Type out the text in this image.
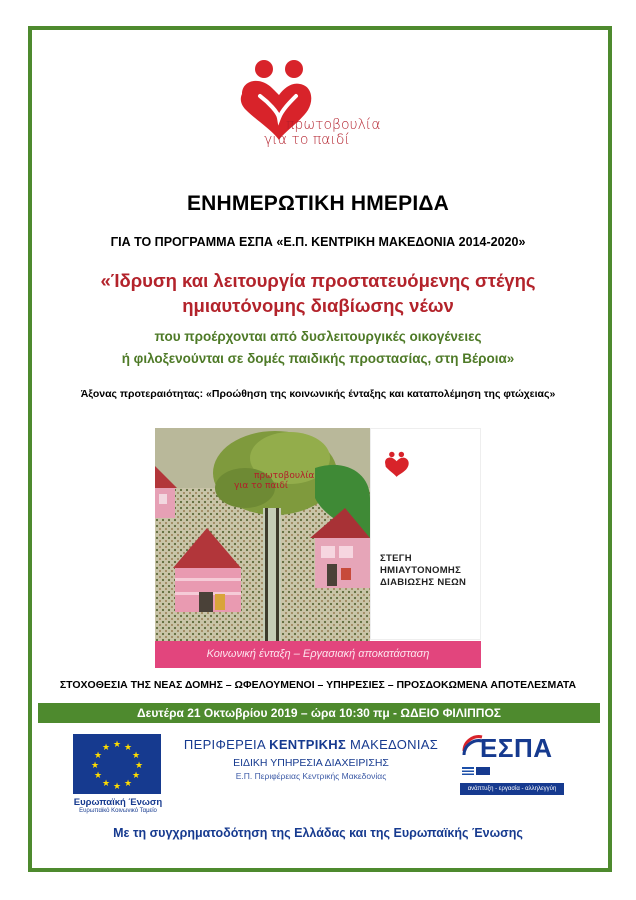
πρωτοβουλία
για το παιδί
ΕΝΗΜΕΡΩΤΙΚΗ ΗΜΕΡΙΔΑ
ΓΙΑ ΤΟ ΠΡΟΓΡΑΜΜΑ ΕΣΠΑ «Ε.Π. ΚΕΝΤΡΙΚΗ ΜΑΚΕΔΟΝΙΑ 2014-2020»
«Ίδρυση και λειτουργία προστατευόμενης στέγης
ημιαυτόνομης διαβίωσης νέων
που προέρχονται από δυσλειτουργικές οικογένειες
ή φιλοξενούνται σε δομές παιδικής προστασίας, στη Βέροια»
Άξονας προτεραιότητας: «Προώθηση της κοινωνικής ένταξης και καταπολέμηση της φτώχειας»
πρωτοβουλία
για το παιδί
ΣΤΕΓΗ
ΗΜΙΑΥΤΟΝΟΜΗΣ
ΔΙΑΒΙΩΣΗΣ ΝΕΩΝ
Κοινωνική ένταξη – Εργασιακή αποκατάσταση
ΣΤΟΧΟΘΕΣΙΑ ΤΗΣ ΝΕΑΣ ΔΟΜΗΣ – ΩΦΕΛΟΥΜΕΝΟΙ – ΥΠΗΡΕΣΙΕΣ – ΠΡΟΣΔΟΚΩΜΕΝΑ ΑΠΟΤΕΛΕΣΜΑΤΑ
Δευτέρα 21 Οκτωβρίου 2019 – ώρα 10:30 πμ - ΩΔΕΙΟ ΦΙΛΙΠΠΟΣ
★ ★
★
★
★
★
★
★
★
★
★
★
Ευρωπαϊκή Ένωση
Ευρωπαϊκό Κοινωνικό Ταμείο
ΠΕΡΙΦΕΡΕΙΑ ΚΕΝΤΡΙΚΗΣ ΜΑΚΕΔΟΝΙΑΣ
ΕΙΔΙΚΗ ΥΠΗΡΕΣΙΑ ΔΙΑΧΕΙΡΙΣΗΣ
Ε.Π. Περιφέρειας Κεντρικής Μακεδονίας
ΕΣΠΑ
2014-2020
ανάπτυξη - εργασία - αλληλεγγύη
Με τη συγχρηματοδότηση της Ελλάδας και της Ευρωπαϊκής Ένωσης
